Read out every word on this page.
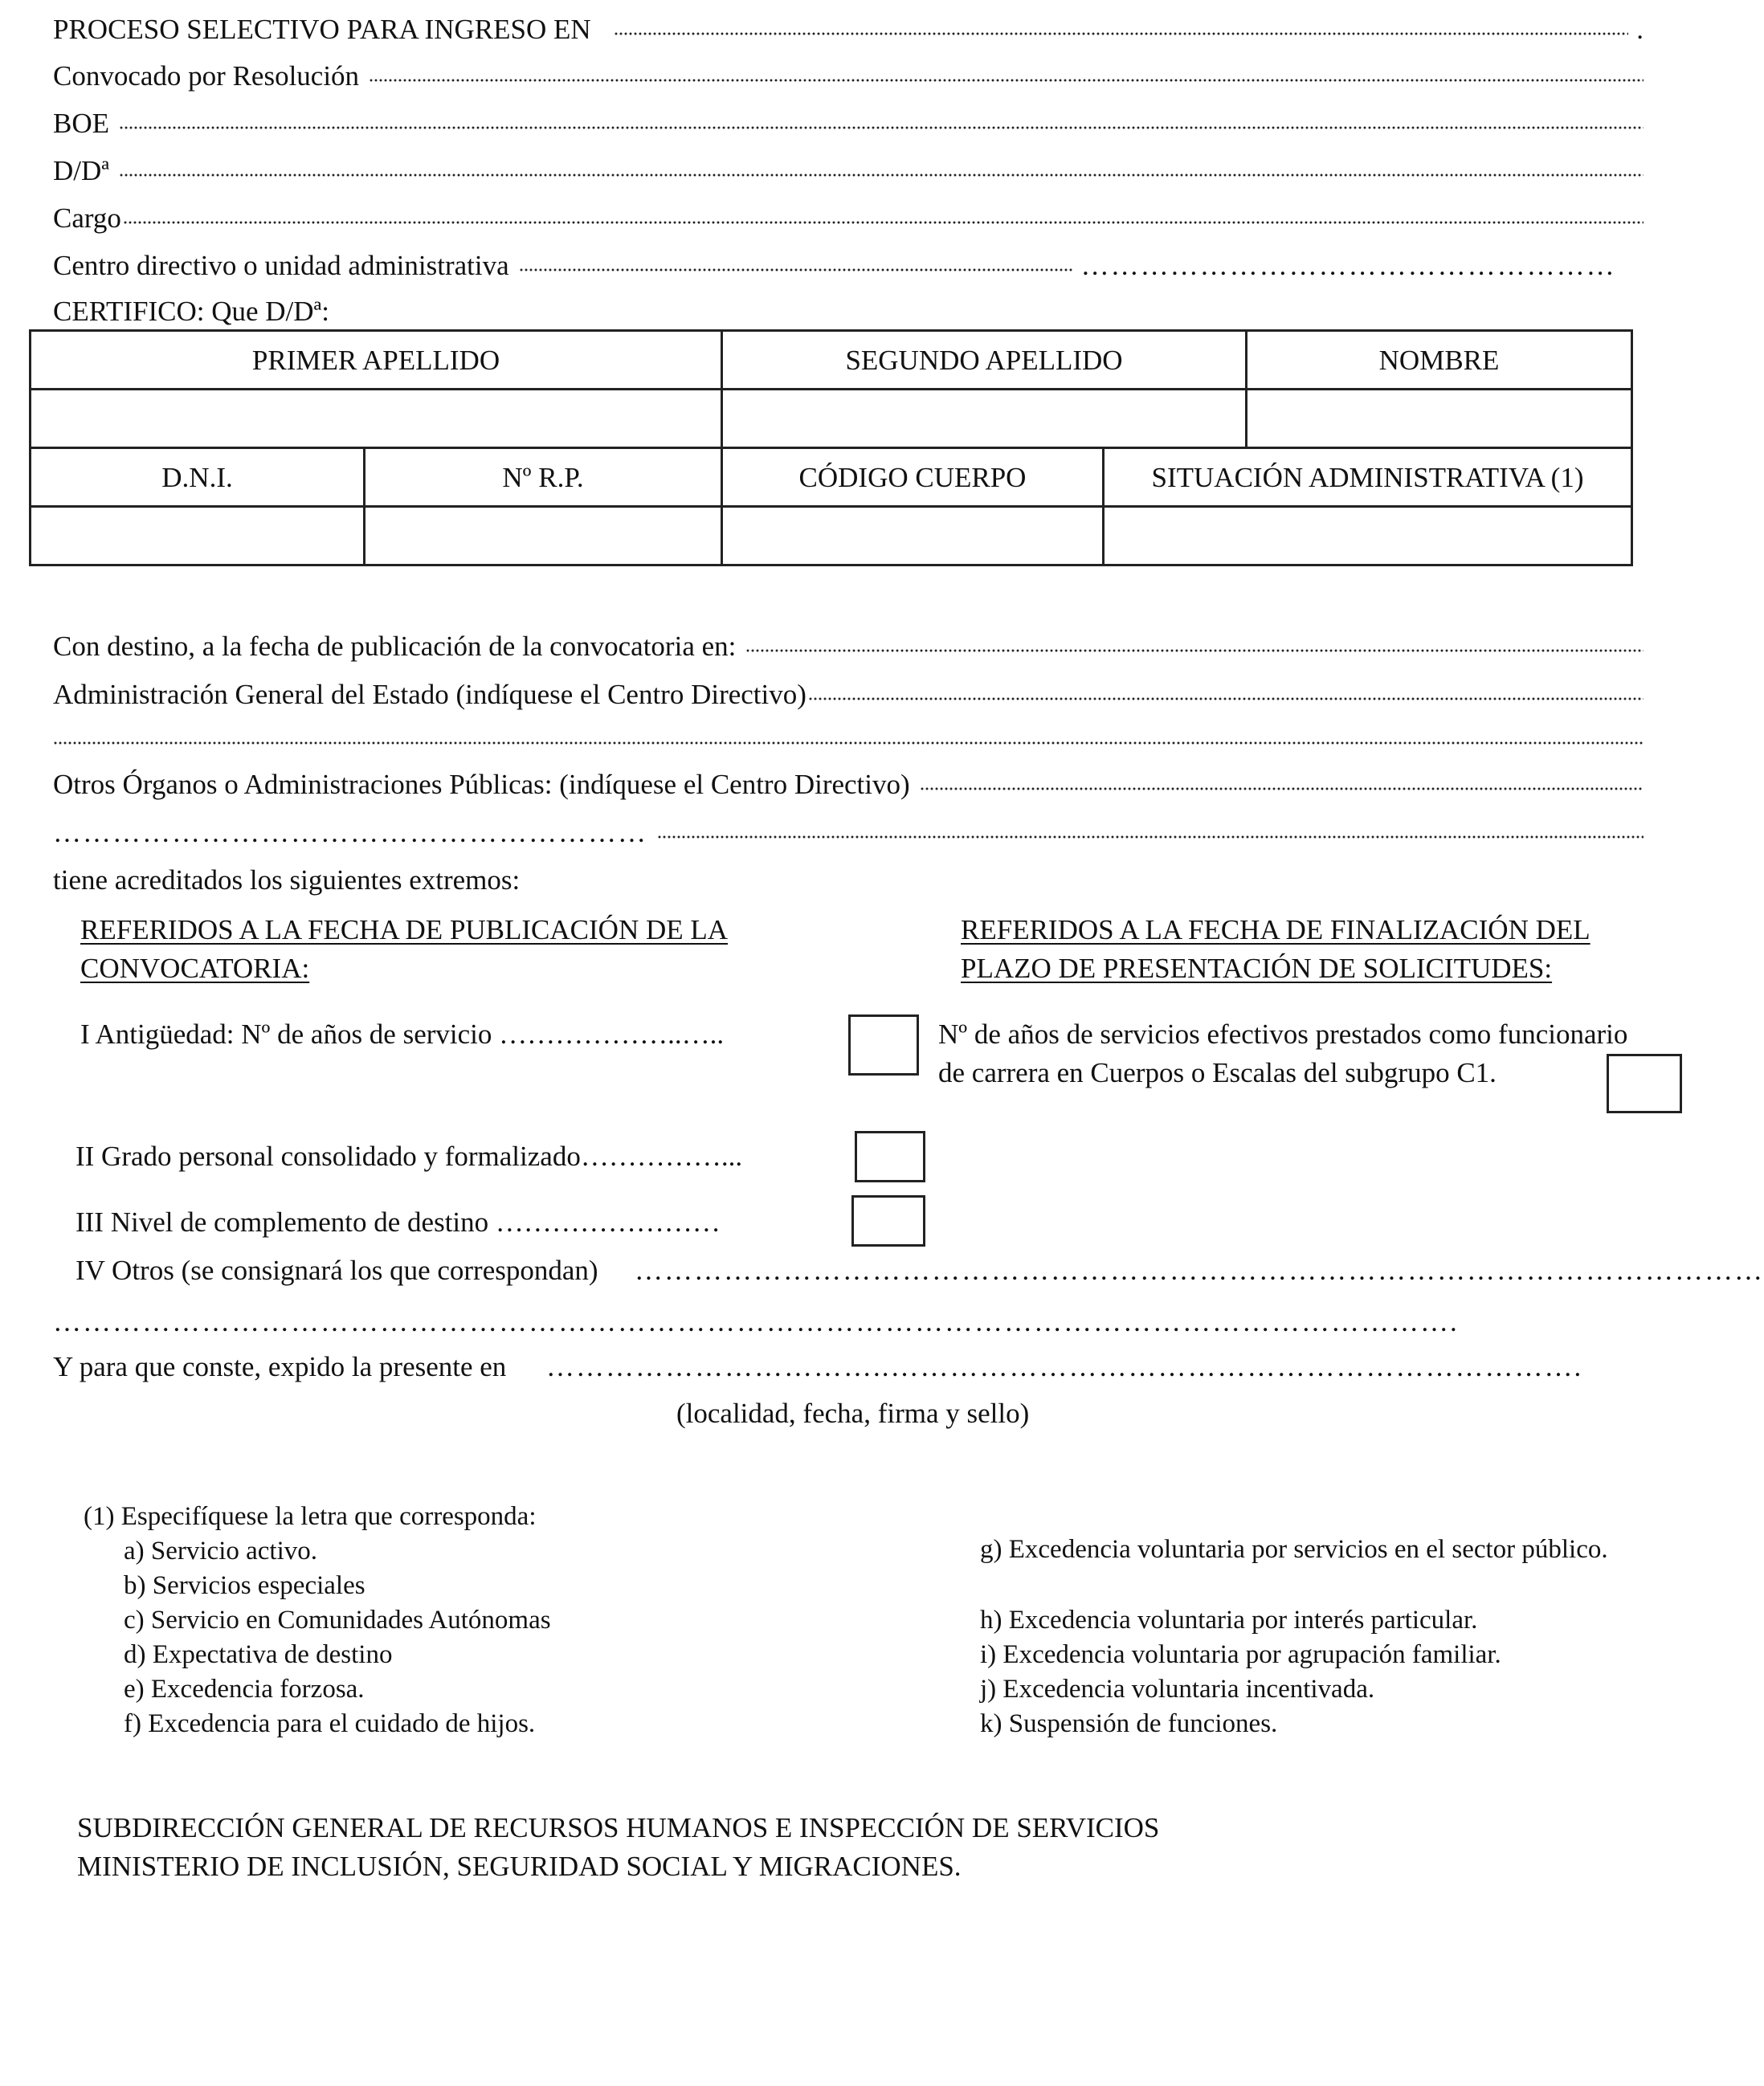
PROCESO SELECTIVO PARA INGRESO EN	.
Convocado por Resolución
BOE
D/Dª
Cargo
Centro directivo o unidad administrativa	………………………………………………
CERTIFICO: Que D/Dª:
PRIMER APELLIDO		SEGUNDO APELLIDO		NOMBRE

D.N.I.	Nº R.P.	CÓDIGO CUERPO	SITUACIÓN ADMINISTRATIVA (1)	

Con destino, a la fecha de publicación de la convocatoria en:
Administración General del Estado (indíquese el Centro Directivo)
Otros Órganos o Administraciones Públicas: (indíquese el Centro Directivo)
……………………………………………………
tiene acreditados los siguientes extremos:
REFERIDOS A LA FECHA DE PUBLICACIÓN DE LA
CONVOCATORIA:
REFERIDOS A LA FECHA DE FINALIZACIÓN DEL
PLAZO DE PRESENTACIÓN DE SOLICITUDES:
I Antigüedad: Nº de años de servicio ………………..…..	Nº de años de servicios efectivos prestados como funcionario
de carrera en Cuerpos o Escalas del subgrupo C1.
II Grado personal consolidado y formalizado……………...
III Nivel de complemento de destino ……………………
IV Otros (se consignará los que correspondan) ……………………………………………………………………………………………………
…………………………………………………………………………………………………………………………….
Y para que conste, expido la presente en ……………………………..…………………………………………………………….
(localidad, fecha, firma y sello)
(1) Especifíquese la letra que corresponda:
a) Servicio activo.
b) Servicios especiales
c) Servicio en Comunidades Autónomas
d) Expectativa de destino
e) Excedencia forzosa.
f) Excedencia para el cuidado de hijos.
g) Excedencia voluntaria por servicios en el sector público.
h) Excedencia voluntaria por interés particular.
i) Excedencia voluntaria por agrupación familiar.
j) Excedencia voluntaria incentivada.
k) Suspensión de funciones.
SUBDIRECCIÓN GENERAL DE RECURSOS HUMANOS E INSPECCIÓN DE SERVICIOS
MINISTERIO DE INCLUSIÓN, SEGURIDAD SOCIAL Y MIGRACIONES.
